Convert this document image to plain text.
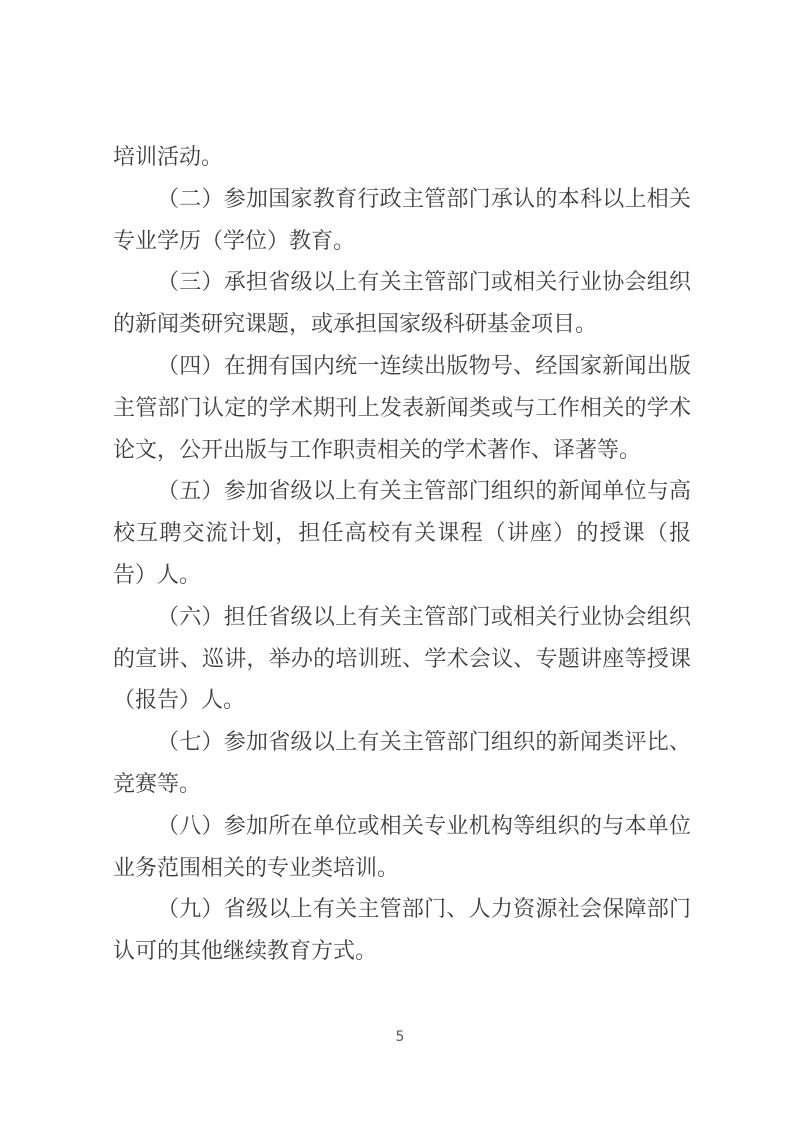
培训活动。

（二）参加国家教育行政主管部门承认的本科以上相关专业学历（学位）教育。

（三）承担省级以上有关主管部门或相关行业协会组织的新闻类研究课题，或承担国家级科研基金项目。

（四）在拥有国内统一连续出版物号、经国家新闻出版主管部门认定的学术期刊上发表新闻类或与工作相关的学术论文，公开出版与工作职责相关的学术著作、译著等。

（五）参加省级以上有关主管部门组织的新闻单位与高校互聘交流计划，担任高校有关课程（讲座）的授课（报告）人。

（六）担任省级以上有关主管部门或相关行业协会组织的宣讲、巡讲，举办的培训班、学术会议、专题讲座等授课（报告）人。

（七）参加省级以上有关主管部门组织的新闻类评比、竞赛等。

（八）参加所在单位或相关专业机构等组织的与本单位业务范围相关的专业类培训。

（九）省级以上有关主管部门、人力资源社会保障部门认可的其他继续教育方式。

5
